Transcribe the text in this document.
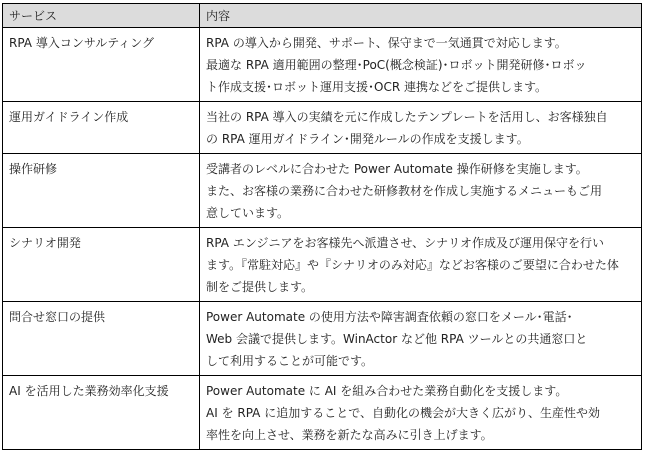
サービス	内容
RPA 導入コンサルティング	RPA の導入から開発、サポート、保守まで一気通貫で対応します。
最適な RPA 適用範囲の整理･PoC(概念検証)･ロボット開発研修･ロボッ
ト作成支援･ロボット運用支援･OCR 連携などをご提供します。

運用ガイドライン作成	当社の RPA 導入の実績を元に作成したテンプレートを活用し、お客様独自
の RPA 運用ガイドライン･開発ルールの作成を支援します。

操作研修	受講者のレベルに合わせた Power Automate 操作研修を実施します。
また、お客様の業務に合わせた研修教材を作成し実施するメニューもご用
意しています。

シナリオ開発	RPA エンジニアをお客様先へ派遣させ、シナリオ作成及び運用保守を行い
ます。『常駐対応』や『シナリオのみ対応』などお客様のご要望に合わせた体
制をご提供します。

問合せ窓口の提供	Power Automate の使用方法や障害調査依頼の窓口をメール･電話･
Web 会議で提供します。WinActor など他 RPA ツールとの共通窓口と
して利用することが可能です。

AI を活用した業務効率化支援	Power Automate に AI を組み合わせた業務自動化を支援します。
AI を RPA に追加することで、自動化の機会が大きく広がり、生産性や効
率性を向上させ、業務を新たな高みに引き上げます。
